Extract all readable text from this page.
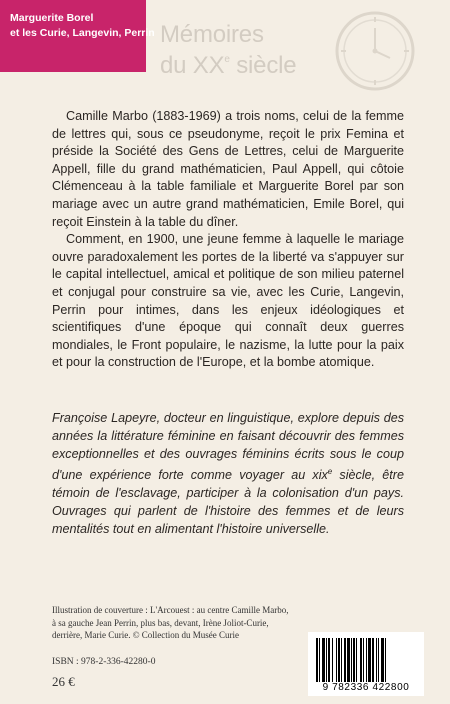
Marguerite Borel
et les Curie, Langevin, Perrin Mémoires
du XXe siècle

Camille Marbo (1883-1969) a trois noms, celui de la femme de lettres qui, sous ce pseudonyme, reçoit le prix Femina et préside la Société des Gens de Lettres, celui de Marguerite Appell, fille du grand mathématicien, Paul Appell, qui côtoie Clémenceau à la table familiale et Marguerite Borel par son mariage avec un autre grand mathématicien, Emile Borel, qui reçoit Einstein à la table du dîner.

Comment, en 1900, une jeune femme à laquelle le mariage ouvre paradoxalement les portes de la liberté va s'appuyer sur le capital intellectuel, amical et politique de son milieu paternel et conjugal pour construire sa vie, avec les Curie, Langevin, Perrin pour intimes, dans les enjeux idéologiques et scientifiques d'une époque qui connaît deux guerres mondiales, le Front populaire, le nazisme, la lutte pour la paix et pour la construction de l'Europe, et la bombe atomique.

Françoise Lapeyre, docteur en linguistique, explore depuis des années la littérature féminine en faisant découvrir des femmes exceptionnelles et des ouvrages féminins écrits sous le coup d'une expérience forte comme voyager au xix$^e$ siècle, être témoin de l'esclavage, participer à la colonisation d'un pays. Ouvrages qui parlent de l'histoire des femmes et de leurs mentalités tout en alimentant l'histoire universelle.
Illustration de couverture : L'Arcouest : au centre Camille Marbo,
à sa gauche Jean Perrin, plus bas, devant, Irène Joliot-Curie,
derrière, Marie Curie. © Collection du Musée Curie
ISBN : 978-2-336-42280-0
26 €	9 782336 422800
